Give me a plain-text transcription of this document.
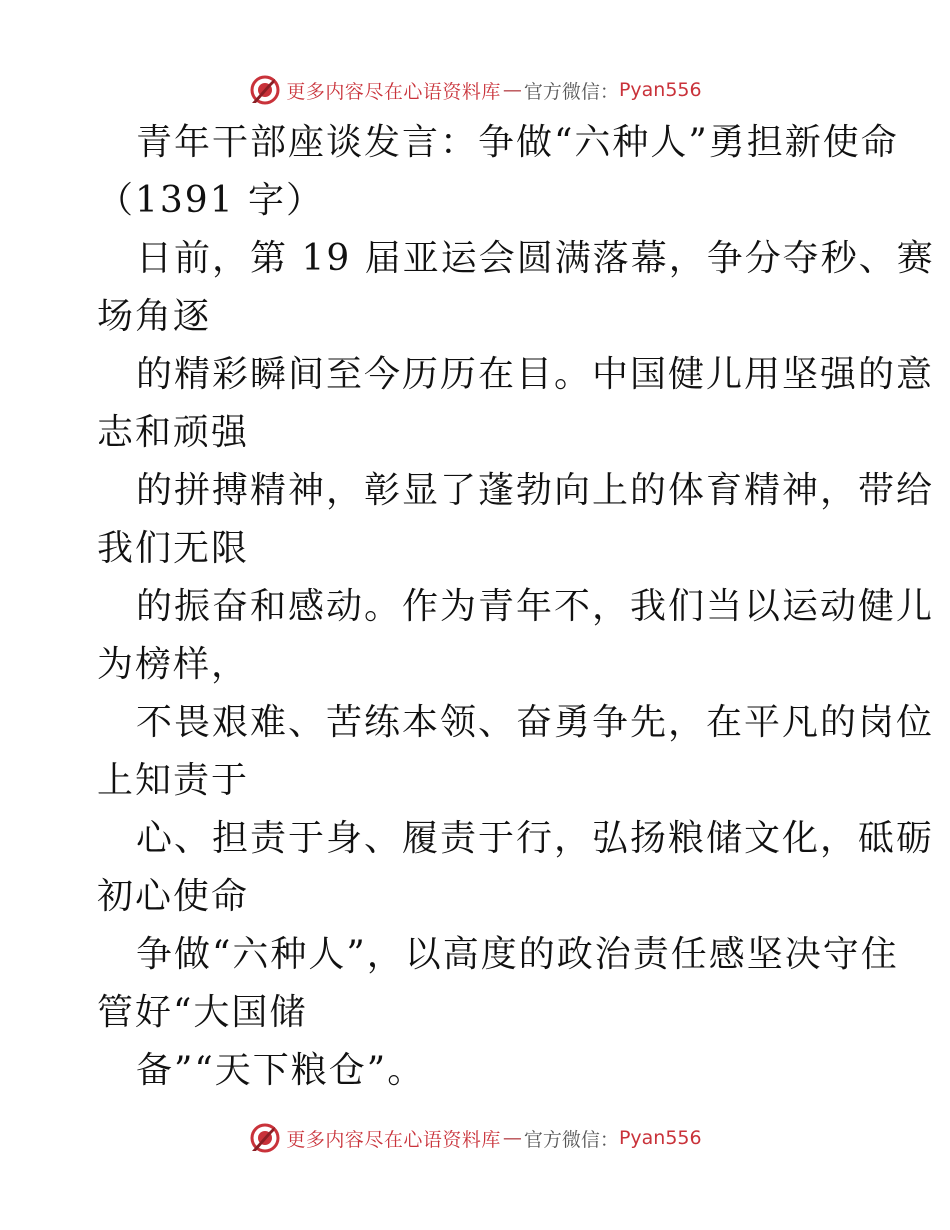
更多内容尽在心语资料库 — 官方微信： Pyan556
青年干部座谈发言：争做“六种人”勇担新使命
（1391 字）
日前，第 19 届亚运会圆满落幕，争分夺秒、赛
场角逐
的精彩瞬间至今历历在目。中国健儿用坚强的意
志和顽强
的拼搏精神，彰显了蓬勃向上的体育精神，带给
我们无限
的振奋和感动。作为青年不，我们当以运动健儿
为榜样，
不畏艰难、苦练本领、奋勇争先，在平凡的岗位
上知责于
心、担责于身、履责于行，弘扬粮储文化，砥砺
初心使命
争做“六种人”，以高度的政治责任感坚决守住
管好“大国储
备”“天下粮仓”。
更多内容尽在心语资料库 — 官方微信： Pyan556
